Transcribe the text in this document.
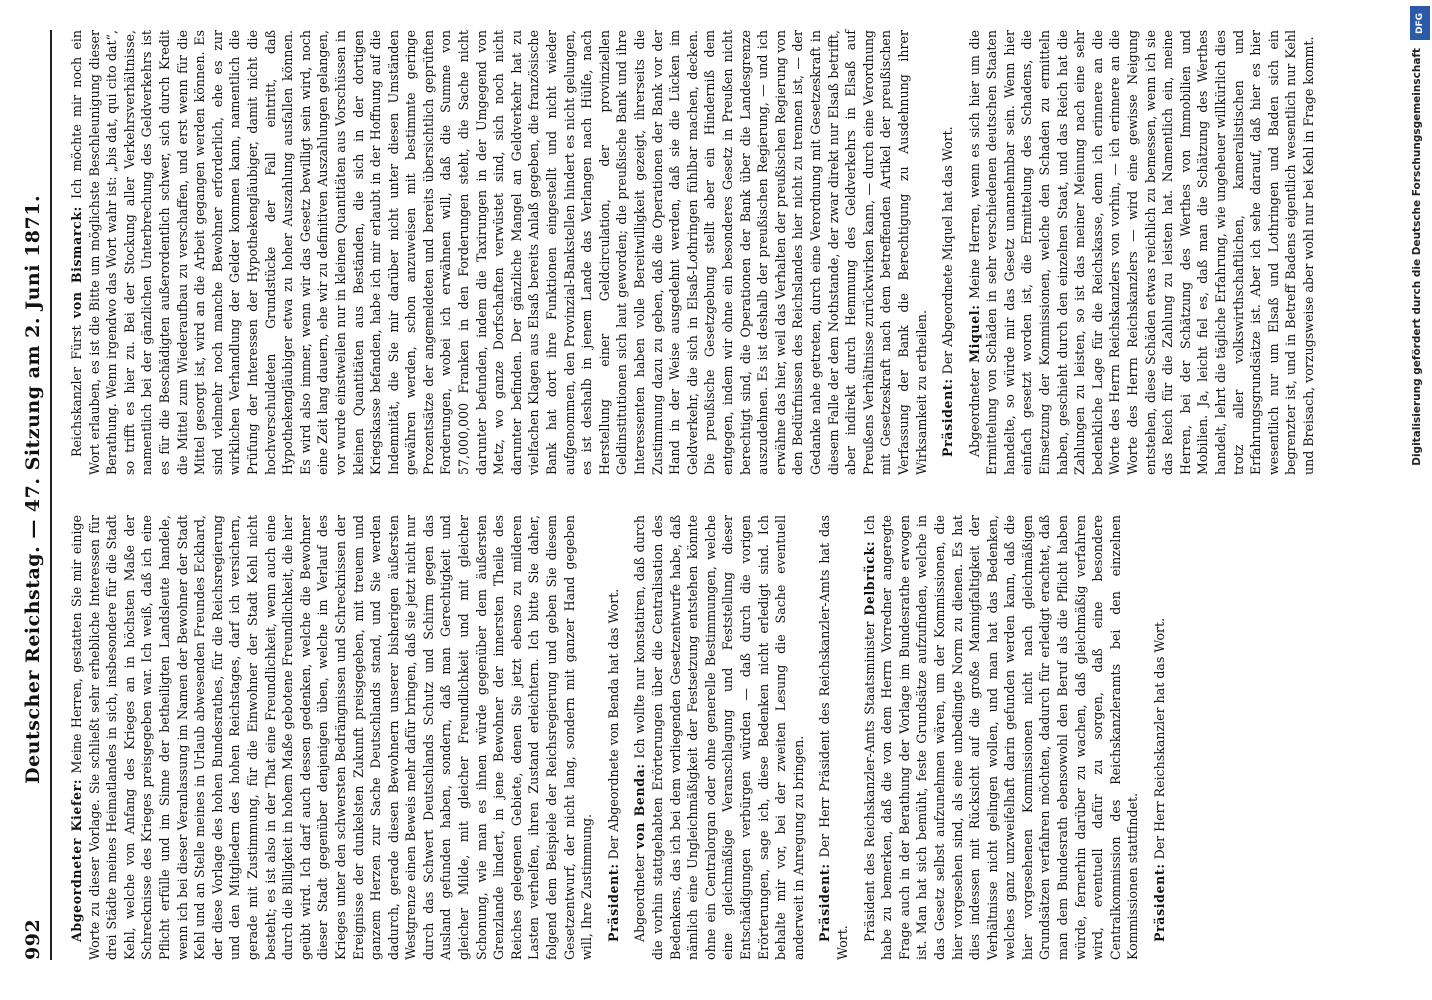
992
Deutscher Reichstag. — 47. Sitzung am 2. Juni 1871.

Abgeordneter Kiefer: Meine Herren, gestatten Sie mir einige Worte zu dieser Vorlage. Sie schließt sehr erhebliche Interessen für drei Städte meines Heimatlandes in sich, insbesondere für die Stadt Kehl, welche von Anfang des Krieges an in höchsten Maße der Schrecknisse des Krieges preisgegeben war. Ich weiß, daß ich eine Pflicht erfülle und im Sinne der betheiligten Landsleute handele, wenn ich bei dieser Veranlassung im Namen der Bewohner der Stadt Kehl und an Stelle meines in Urlaub abwesenden Freundes Eckhard, der diese Vorlage des hohen Bundesrathes, für die Reichsregierung und den Mitgliedern des hohen Reichstages, darf ich versichern, gerade mit Zustimmung, für die Einwohner der Stadt Kehl nicht besteht; es ist also in der That eine Freundlichkeit, wenn auch eine durch die Billigkeit in hohem Maße gebotene Freundlichkeit, die hier geübt wird. Ich darf auch dessen gedenken, welche die Bewohner dieser Stadt gegenüber denjenigen üben, welche im Verlauf des Krieges unter den schwersten Bedrängnissen und Schrecknissen der Ereignisse der dunkelsten Zukunft preisgegeben, mit treuem und ganzem Herzen zur Sache Deutschlands stand, und Sie werden dadurch, gerade diesen Bewohnern unserer bisherigen äußersten Westgrenze einen Beweis mehr dafür bringen, daß sie jetzt nicht nur durch das Schwert Deutschlands Schutz und Schirm gegen das Ausland gefunden haben, sondern, daß man Gerechtigkeit und gleicher Milde, mit gleicher Freundlichkeit und mit gleicher Schonung, wie man es ihnen würde gegenüber dem äußersten Grenzlande lindert, in jene Bewohner der innersten Theile des Reiches gelegenen Gebiete, denen Sie jetzt ebenso zu milderen Lasten verhelfen, ihren Zustand erleichtern. Ich bitte Sie daher, folgend dem Beispiele der Reichsregierung und geben Sie diesem Gesetzentwurf, der nicht lang, sondern mit ganzer Hand gegeben will, Ihre Zustimmung. Präsident: Der Abgeordnete von Benda hat das Wort.

Abgeordneter von Benda: Ich wollte nur konstatiren, daß durch die vorhin stattgehabten Erörterungen über die Centralisation des Bedenkens, das ich bei dem vorliegenden Gesetzentwurfe habe, daß nämlich eine Ungleichmäßigkeit der Festsetzung entstehen könnte ohne ein Centralorgan oder ohne generelle Bestimmungen, welche eine gleichmäßige Veranschlagung und Feststellung dieser Entschädigungen verbürgen würden — daß durch die vorigen Erörterungen, sage ich, diese Bedenken nicht erledigt sind. Ich behalte mir vor, bei der zweiten Lesung die Sache eventuell anderweit in Anregung zu bringen. Präsident: Der Herr Präsident des Reichskanzler-Amts hat das Wort.

Präsident des Reichskanzler-Amts Staatsminister Delbrück: Ich habe zu bemerken, daß die von dem Herrn Vorredner angeregte Frage auch in der Berathung der Vorlage im Bundesrathe erwogen ist. Man hat sich bemüht, feste Grundsätze aufzufinden, welche in das Gesetz selbst aufzunehmen wären, um der Kommissionen, die hier vorgesehen sind, als eine unbedingte Norm zu dienen. Es hat dies indessen mit Rücksicht auf die große Mannigfaltigkeit der Verhältnisse nicht gelingen wollen, und man hat das Bedenken, welches ganz unzweifelhaft darin gefunden werden kann, daß die hier vorgesehenen Kommissionen nicht nach gleichmäßigen Grundsätzen verfahren möchten, dadurch für erledigt erachtet, daß man dem Bundesrath ebensowohl den Beruf als die Pflicht haben würde, fernerhin darüber zu wachen, daß gleichmäßig verfahren wird, eventuell dafür zu sorgen, daß eine besondere Centralkommission des Reichskanzleramts bei den einzelnen Kommissionen stattfindet. Präsident: Der Herr Reichskanzler hat das Wort.

Reichskanzler Fürst von Bismarck: Ich möchte mir noch ein Wort erlauben, es ist die Bitte um möglichste Beschleunigung dieser Berathung. Wenn irgendwo das Wort wahr ist: „bis dat, qui cito dat“, so trifft es hier zu. Bei der Stockung aller Verkehrsverhältnisse, namentlich bei der gänzlichen Unterbrechung des Geldverkehrs ist es für die Beschädigten außerordentlich schwer, sich durch Kredit die Mittel zum Wiederaufbau zu verschaffen, und erst wenn für die Mittel gesorgt ist, wird an die Arbeit gegangen werden können. Es sind vielmehr noch manche Bewohner erforderlich, ehe es zur wirklichen Verhandlung der Gelder kommen kann, namentlich die Prüfung der Interessen der Hypothekengläubiger, damit nicht die hochverschuldeten Grundstücke der Fall eintritt, daß Hypothekengläubiger etwa zu hoher Auszahlung ausfallen können. Es wird also immer, wenn wir das Gesetz bewilligt sein wird, noch eine Zeit lang dauern, ehe wir zu definitiven Auszahlungen gelangen, vor wurde einstweilen nur in kleinen Quantitäten aus Vorschüssen in kleinen Quantitäten aus Beständen, die sich in der dortigen Kriegskasse befanden, habe ich mir erlaubt in der Hoffnung auf die Indemnität, die Sie mir darüber nicht unter diesen Umständen gewähren werden, schon anzuweisen mit bestimmte geringe Prozentsätze der angemeldeten und bereits übersichtlich geprüften Forderungen, wobei ich erwähnen will, daß die Summe von 57,000,000 Franken in den Forderungen steht, die Sache nicht darunter befunden, indem die Taxirungen in der Umgegend von Metz, wo ganze Dorfschaften verwüstet sind, sich noch nicht darunter befinden. Der gänzliche Mangel an Geldverkehr hat zu vielfachen Klagen aus Elsaß bereits Anlaß gegeben, die französische Bank hat dort ihre Funktionen eingestellt und nicht wieder aufgenommen, den Provinzial-Bankstellen hindert es nicht gelungen, es ist deshalb in jenem Lande das Verlangen nach Hülfe, nach Herstellung einer Geldcirculation, der provinziellen Geldinstitutionen sich laut geworden; die preußische Bank und ihre Interessenten haben volle Bereitwilligkeit gezeigt, ihrerseits die Zustimmung dazu zu geben, daß die Operationen der Bank vor der Hand in der Weise ausgedehnt werden, daß sie die Lücken im Geldverkehr, die sich in Elsaß-Lothringen fühlbar machen, decken. Die preußische Gesetzgebung stellt aber ein Hinderniß dem entgegen, indem wir ohne ein besonderes Gesetz in Preußen nicht berechtigt sind, die Operationen der Bank über die Landesgrenze auszudehnen. Es ist deshalb der preußischen Regierung, — und ich erwähne das hier, weil das Verhalten der preußischen Regierung von den Bedürfnissen des Reichslandes hier nicht zu trennen ist, — der Gedanke nahe getreten, durch eine Verordnung mit Gesetzeskraft in diesem Falle der dem Nothstande, der zwar direkt nur Elsaß betrifft, aber indirekt durch Hemmung des Geldverkehrs in Elsaß auf Preußens Verhältnisse zurückwirken kann, — durch eine Verordnung mit Gesetzeskraft nach dem betreffenden Artikel der preußischen Verfassung der Bank die Berechtigung zu Ausdehnung ihrer Wirksamkeit zu ertheilen. Präsident: Der Abgeordnete Miquel hat das Wort.

Abgeordneter Miquel: Meine Herren, wenn es sich hier um die Ermittelung von Schäden in sehr verschiedenen deutschen Staaten handelte, so würde mir das Gesetz unannehmbar sein. Wenn hier einfach gesetzt worden ist, die Ermittelung des Schadens, die Einsetzung der Kommissionen, welche den Schaden zu ermitteln haben, geschieht durch den einzelnen Staat, und das Reich hat die Zahlungen zu leisten, so ist das meiner Meinung nach eine sehr bedenkliche Lage für die Reichskasse, denn ich erinnere an die Worte des Herrn Reichskanzlers von vorhin, — ich erinnere an die Worte des Herrn Reichskanzlers — wird eine gewisse Neigung entstehen, diese Schäden etwas reichlich zu bemessen, wenn ich sie das Reich für die Zahlung zu leisten hat. Namentlich ein, meine Herren, bei der Schätzung des Werthes von Immobilien und Mobilien. Ja, leicht fiel es, daß man die Schätzung des Werthes handelt, lehrt die tägliche Erfahrung, wie ungeheuer willkürlich dies trotz aller volkswirthschaftlichen, kameralistischen und Erfahrungsgrundsätze ist. Aber ich sehe darauf, daß hier es hier wesentlich nur um Elsaß und Lothringen und Baden sich ein begrenzter ist, und in Betreff Badens eigentlich wesentlich nur Kehl und Breisach, vorzugsweise aber wohl nur bei Kehl in Frage kommt.

DFG
Digitalisierung gefördert durch die Deutsche Forschungsgemeinschaft
